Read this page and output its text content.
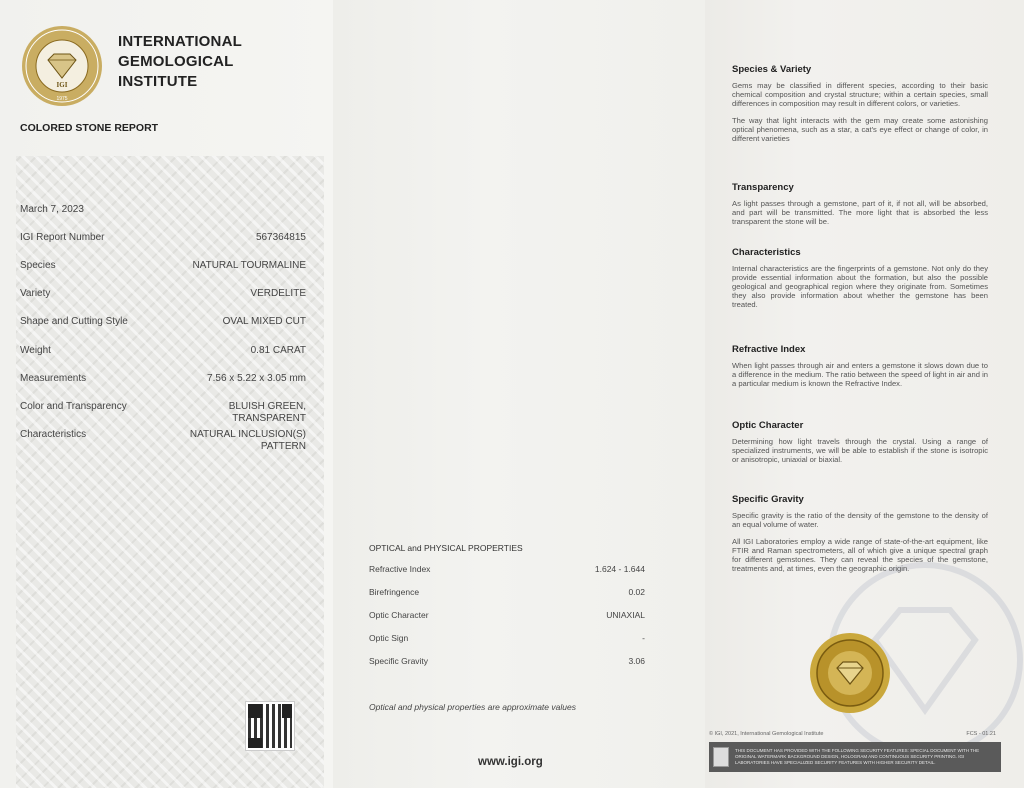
IGI
1975
INTERNATIONAL
GEMOLOGICAL
INSTITUTE
COLORED STONE REPORT
March 7, 2023
IGI Report Number	567364815
Species	NATURAL TOURMALINE
Variety	VERDELITE
Shape and Cutting Style	OVAL MIXED CUT
Weight	0.81 CARAT
Measurements	7.56 x 5.22 x 3.05 mm
Color and Transparency	BLUISH GREEN,
TRANSPARENT
Characteristics	NATURAL INCLUSION(S)
PATTERN
OPTICAL and PHYSICAL PROPERTIES
Refractive Index	1.624 - 1.644
Birefringence	0.02
Optic Character	UNIAXIAL
Optic Sign	-
Specific Gravity	3.06
Optical and physical properties are approximate values
www.igi.org
Species & Variety

Gems may be classified in different species, according to their basic chemical composition and crystal structure; within a certain species, small differences in composition may result in different colors, or varieties.

The way that light interacts with the gem may create some astonishing optical phenomena, such as a star, a cat's eye effect or change of color, in different varieties

Transparency

As light passes through a gemstone, part of it, if not all, will be absorbed, and part will be transmitted. The more light that is absorbed the less transparent the stone will be.

Characteristics

Internal characteristics are the fingerprints of a gemstone. Not only do they provide essential information about the formation, but also the possible geological and geographical region where they originate from. Sometimes they also provide information about whether the gemstone has been treated.

Refractive Index

When light passes through air and enters a gemstone it slows down due to a difference in the medium. The ratio between the speed of light in air and in a particular medium is known the Refractive Index.

Optic Character

Determining how light travels through the crystal. Using a range of specialized instruments, we will be able to establish if the stone is isotropic or anisotropic, uniaxial or biaxial.

Specific Gravity

Specific gravity is the ratio of the density of the gemstone to the density of an equal volume of water.

All IGI Laboratories employ a wide range of state-of-the-art equipment, like FTIR and Raman spectrometers, all of which give a unique spectral graph for different gemstones. They can reveal the species of the gemstone, treatments and, at times, even the geographic origin.

© IGI, 2021, International Gemological Institute	FCS - 01.21
THIS DOCUMENT HAS PROVIDED WITH THE FOLLOWING SECURITY FEATURES: SPECIAL DOCUMENT WITH THE ORIGINAL WATERMARK BACKGROUND DESIGN, HOLOGRAM AND CONTINUOUS SECURITY PRINTING. IGI LABORATORIES HAVE SPECIALIZED SECURITY FEATURES WITH HIGHER SECURITY DETAIL.
